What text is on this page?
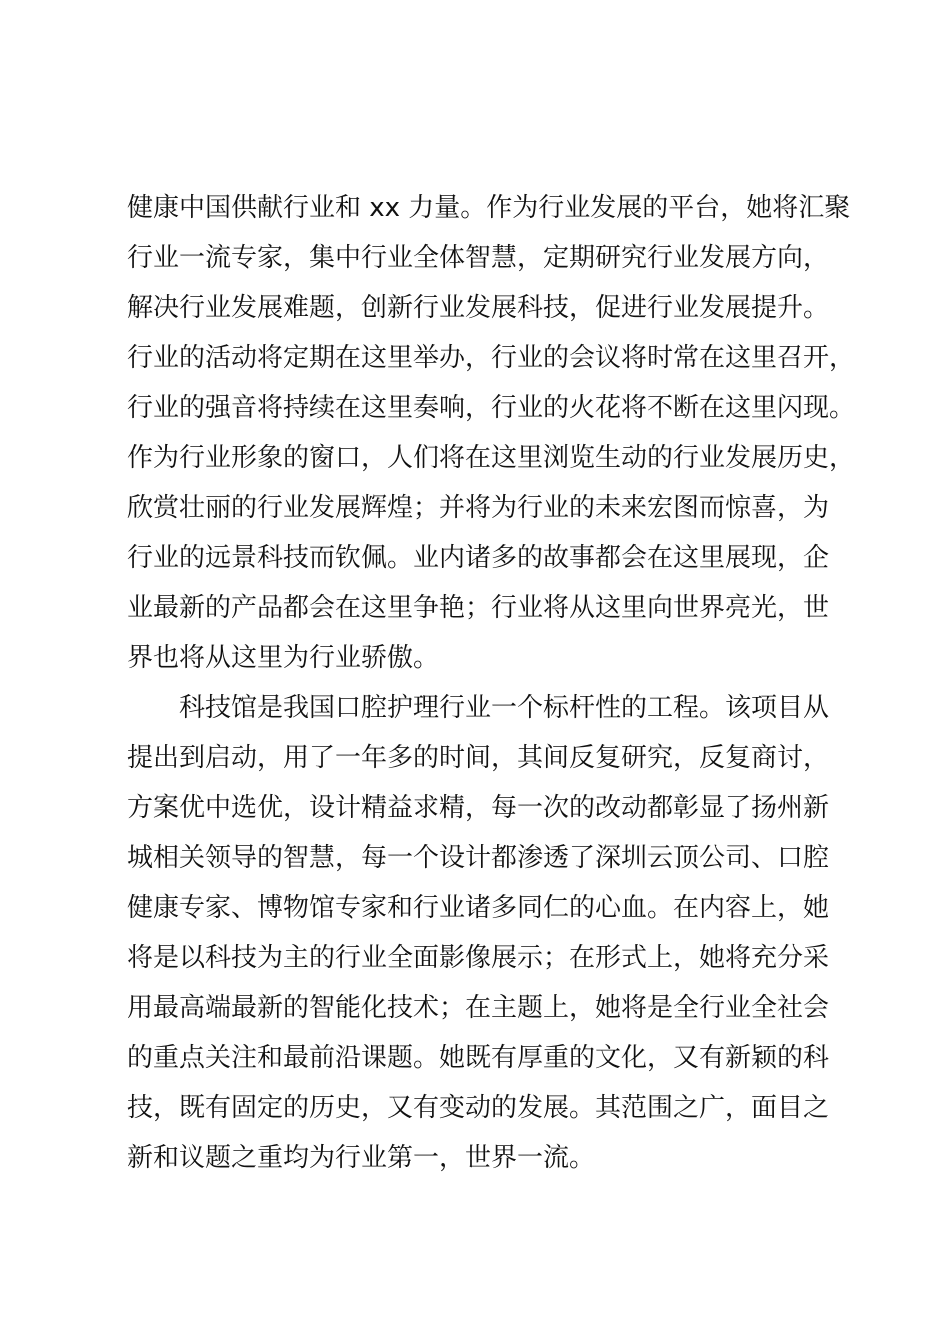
健康中国供献行业和 xx 力量。作为行业发展的平台，她将汇聚
行业一流专家，集中行业全体智慧，定期研究行业发展方向，
解决行业发展难题，创新行业发展科技，促进行业发展提升。
行业的活动将定期在这里举办，行业的会议将时常在这里召开，
行业的强音将持续在这里奏响，行业的火花将不断在这里闪现。
作为行业形象的窗口，人们将在这里浏览生动的行业发展历史，
欣赏壮丽的行业发展辉煌；并将为行业的未来宏图而惊喜，为
行业的远景科技而钦佩。业内诸多的故事都会在这里展现，企
业最新的产品都会在这里争艳；行业将从这里向世界亮光，世
界也将从这里为行业骄傲。
科技馆是我国口腔护理行业一个标杆性的工程。该项目从
提出到启动，用了一年多的时间，其间反复研究，反复商讨，
方案优中选优，设计精益求精，每一次的改动都彰显了扬州新
城相关领导的智慧，每一个设计都渗透了深圳云顶公司、口腔
健康专家、博物馆专家和行业诸多同仁的心血。在内容上，她
将是以科技为主的行业全面影像展示；在形式上，她将充分采
用最高端最新的智能化技术；在主题上，她将是全行业全社会
的重点关注和最前沿课题。她既有厚重的文化，又有新颖的科
技，既有固定的历史，又有变动的发展。其范围之广，面目之
新和议题之重均为行业第一，世界一流。
